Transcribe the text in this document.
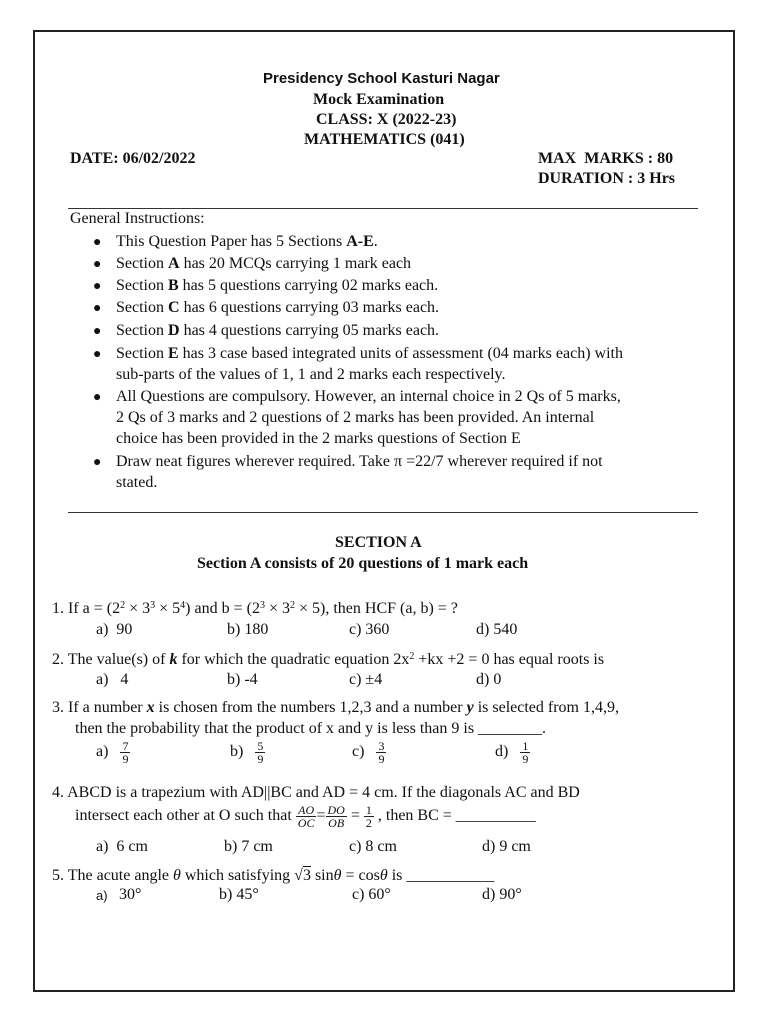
Presidency School Kasturi Nagar
Mock Examination
CLASS: X (2022-23)
MATHEMATICS (041)
DATE: 06/02/2022	MAX  MARKS : 80
DURATION : 3 Hrs
General Instructions:
● This Question Paper has 5 Sections A-E.
● Section A has 20 MCQs carrying 1 mark each
● Section B has 5 questions carrying 02 marks each.
● Section C has 6 questions carrying 03 marks each.
● Section D has 4 questions carrying 05 marks each.
● Section E has 3 case based integrated units of assessment (04 marks each) with
sub-parts of the values of 1, 1 and 2 marks each respectively.
● All Questions are compulsory. However, an internal choice in 2 Qs of 5 marks,
2 Qs of 3 marks and 2 questions of 2 marks has been provided. An internal
choice has been provided in the 2 marks questions of Section E
● Draw neat figures wherever required. Take π =22/7 wherever required if not
stated.
SECTION A
Section A consists of 20 questions of 1 mark each
1. If $a = (2^2 \times 3^3 \times 5^4)$ and $b = (2^3 \times 3^2 \times 5)$, then HCF (a, b) = ?
a)  90	b) 180	c) 360	d) 540
2. The value(s) of k for which the quadratic equation $2x^2 +kx +2 = 0$ has equal roots is
a)   4	b) -4	c) ±4	d) 0
3. If a number x is chosen from the numbers 1,2,3 and a number y is selected from 1,4,9,
then the probability that the product of x and y is less than 9 is ________.
$a) \frac{7}{9}$	$b) \frac{5}{9}$	$c) \frac{3}{9}$	$d) \frac{1}{9}$
4. ABCD is a trapezium with AD||BC and AD = 4 cm. If the diagonals AC and BD
intersect each other at O such that $\frac{AO}{OC} = \frac{DO}{OB} = \frac{1}{2}$ , then BC = __________
a)  6 cm	b) 7 cm	c) 8 cm	d) 9 cm
5. The acute angle θ which satisfying √3 sinθ = cosθ is ___________
a) 30°	b) 45°	c) 60°	d) 90°
